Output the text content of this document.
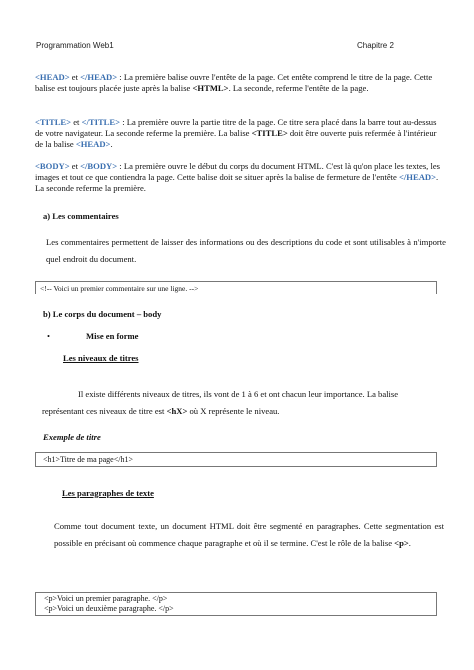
Programmation Web1	Chapitre 2
<HEAD> et </HEAD> : La première balise ouvre l'entête de la page. Cet entête comprend le titre de la page. Cette balise est toujours placée juste après la balise <HTML>. La seconde, referme l'entête de la page.
<TITLE> et </TITLE> : La première ouvre la partie titre de la page. Ce titre sera placé dans la barre tout au-dessus de votre navigateur. La seconde referme la première. La balise <TITLE> doit être ouverte puis refermée à l'intérieur de la balise <HEAD>.
<BODY> et </BODY> : La première ouvre le début du corps du document HTML. C'est là qu'on place les textes, les images et tout ce que contiendra la page. Cette balise doit se situer après la balise de fermeture de l'entête </HEAD>. La seconde referme la première.
a) Les commentaires
Les commentaires permettent de laisser des informations ou des descriptions du code et sont utilisables à n'importe quel endroit du document.
<!-- Voici un premier commentaire sur une ligne. -->
b) Le corps du document – body
•	Mise en forme
Les niveaux de titres
Il existe différents niveaux de titres, ils vont de 1 à 6 et ont chacun leur importance. La balise représentant ces niveaux de titre est <hX> où X représente le niveau.
Exemple de titre
<h1>Titre de ma page</h1>
Les paragraphes de texte
Comme tout document texte, un document HTML doit être segmenté en paragraphes. Cette segmentation est possible en précisant où commence chaque paragraphe et où il se termine. C'est le rôle de la balise <p>.
<p>Voici un premier paragraphe. </p>
<p>Voici un deuxième paragraphe. </p>
